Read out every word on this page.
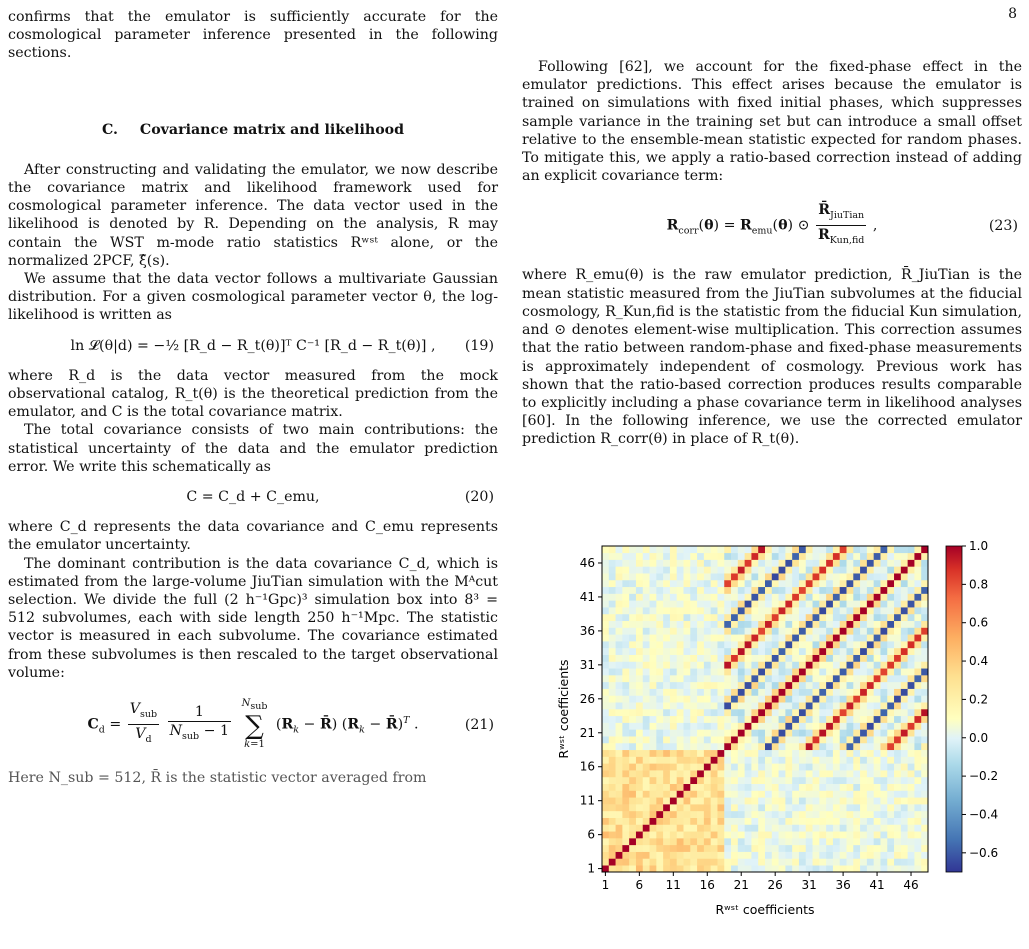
8

confirms that the emulator is sufficiently accurate for the cosmological parameter inference presented in the following sections.

C. Covariance matrix and likelihood

After constructing and validating the emulator, we now describe the covariance matrix and likelihood framework used for cosmological parameter inference. The data vector used in the likelihood is denoted by R. Depending on the analysis, R may contain the WST m-mode ratio statistics Rʷˢᵗ alone, or the normalized 2PCF, ξ̂(s).

We assume that the data vector follows a multivariate Gaussian distribution. For a given cosmological parameter vector θ, the log-likelihood is written as

ln 𝓛(θ|d) = −½ [R_d − R_t(θ)]ᵀ C⁻¹ [R_d − R_t(θ)] , (19)

where R_d is the data vector measured from the mock observational catalog, R_t(θ) is the theoretical prediction from the emulator, and C is the total covariance matrix.

The total covariance consists of two main contributions: the statistical uncertainty of the data and the emulator prediction error. We write this schematically as

C = C_d + C_emu,	(20)

where C_d represents the data covariance and C_emu represents the emulator uncertainty.

The dominant contribution is the data covariance C_d, which is estimated from the large-volume JiuTian simulation with the Mᴬcut selection. We divide the full (2 h⁻¹Gpc)³ simulation box into 8³ = 512 subvolumes, each with side length 250 h⁻¹Mpc. The statistic vector is measured in each subvolume. The covariance estimated from these subvolumes is then rescaled to the target observational volume:

$C_d = \frac{V_{sub}}{V_d}$
$\frac{1}{N_{sub} - 1}$
$N_{sub}$
∑
k=1
($R_k$ − R̄) ($R_k$ − R̄)$^T$ .	(21)

Here N_sub = 512, R̄ is the statistic vector averaged from

Following [62], we account for the fixed-phase effect in the emulator predictions. This effect arises because the emulator is trained on simulations with fixed initial phases, which suppresses sample variance in the training set but can introduce a small offset relative to the ensemble-mean statistic expected for random phases. To mitigate this, we apply a ratio-based correction instead of adding an explicit covariance term:

$R_{corr}(\theta) = R_{emu}(\theta)$ ⊙ $\frac{R̄_{JiuTian}}{R_{Kun,fid}}$ ,	(23)

where R_emu(θ) is the raw emulator prediction, R̄_JiuTian is the mean statistic measured from the JiuTian subvolumes at the fiducial cosmology, R_Kun,fid is the statistic from the fiducial Kun simulation, and ⊙ denotes element-wise multiplication. This correction assumes that the ratio between random-phase and fixed-phase measurements is approximately independent of cosmology. Previous work has shown that the ratio-based correction produces results comparable to explicitly including a phase covariance term in likelihood analyses [60]. In the following inference, we use the corrected emulator prediction R_corr(θ) in place of R_t(θ).

1 6 11 16 21 26 31 36 41 46
1
6
11
16
21
26
31
36
41
46
Rʷˢᵗ coefficients
Rʷˢᵗ coefficients
1.0
0.8
0.6
0.4
0.2
0.0
−0.2
−0.4
−0.6
